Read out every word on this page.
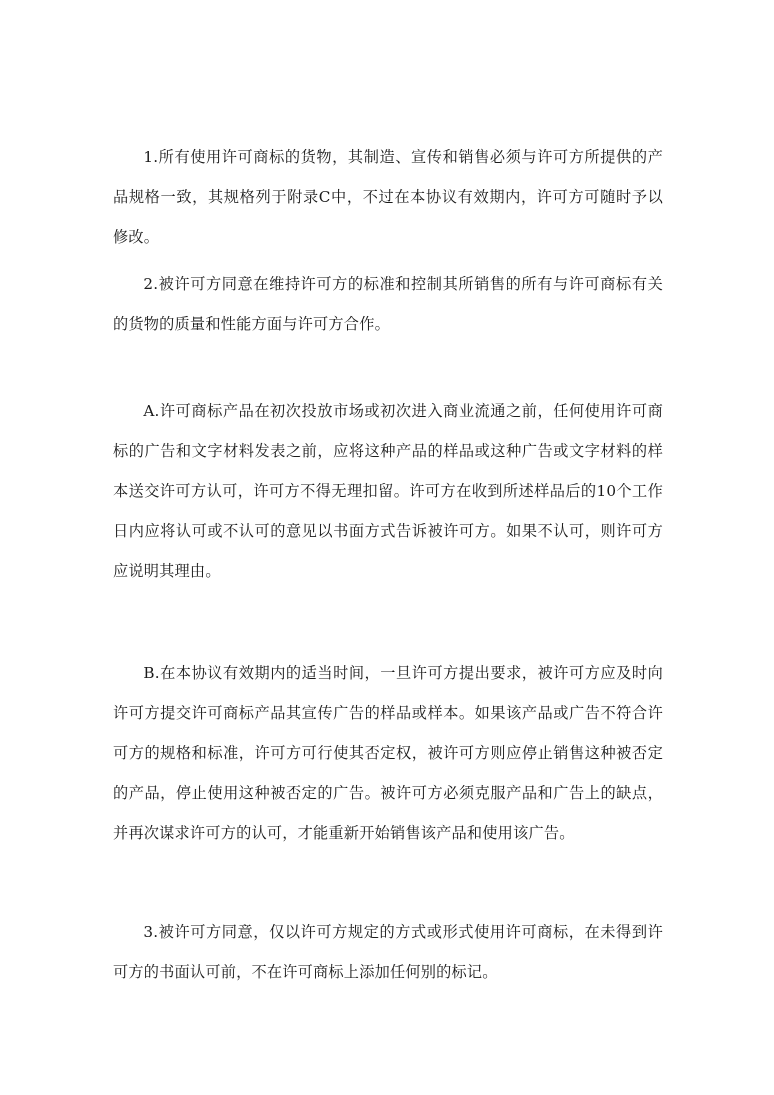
1.所有使用许可商标的货物，其制造、宣传和销售必须与许可方所提供的产品规格一致，其规格列于附录C中，不过在本协议有效期内，许可方可随时予以修改。

2.被许可方同意在维持许可方的标准和控制其所销售的所有与许可商标有关的货物的质量和性能方面与许可方合作。

A.许可商标产品在初次投放市场或初次进入商业流通之前，任何使用许可商标的广告和文字材料发表之前，应将这种产品的样品或这种广告或文字材料的样本送交许可方认可，许可方不得无理扣留。许可方在收到所述样品后的10个工作日内应将认可或不认可的意见以书面方式告诉被许可方。如果不认可，则许可方应说明其理由。

B.在本协议有效期内的适当时间，一旦许可方提出要求，被许可方应及时向许可方提交许可商标产品其宣传广告的样品或样本。如果该产品或广告不符合许可方的规格和标准，许可方可行使其否定权，被许可方则应停止销售这种被否定的产品，停止使用这种被否定的广告。被许可方必须克服产品和广告上的缺点，并再次谋求许可方的认可，才能重新开始销售该产品和使用该广告。

3.被许可方同意，仅以许可方规定的方式或形式使用许可商标，在未得到许可方的书面认可前，不在许可商标上添加任何别的标记。
